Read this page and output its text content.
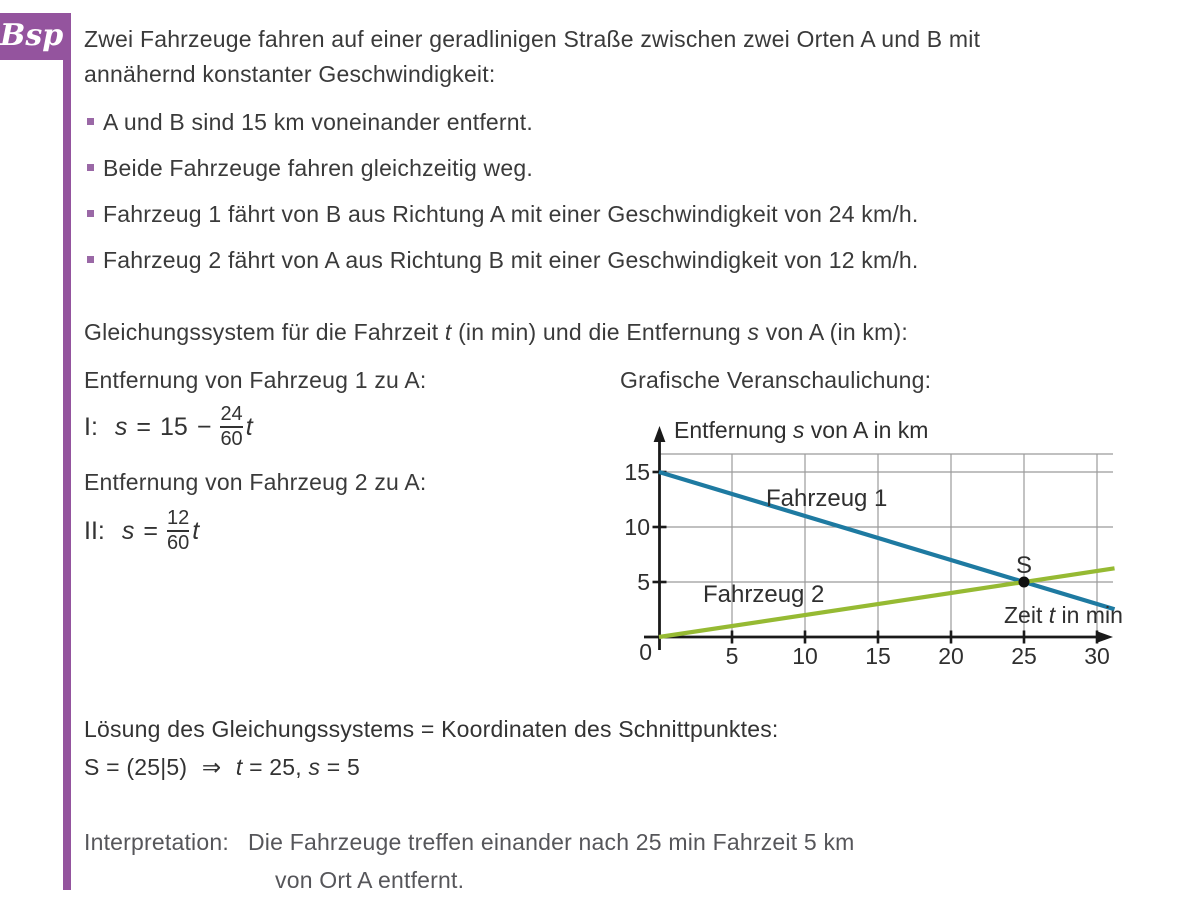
Bsp Zwei Fahrzeuge fahren auf einer geradlinigen Straße zwischen zwei Orten A und B mit
annähernd konstanter Geschwindigkeit:
A und B sind 15 km voneinander entfernt.
Beide Fahrzeuge fahren gleichzeitig weg.
Fahrzeug 1 fährt von B aus Richtung A mit einer Geschwindigkeit von 24 km/h.
Fahrzeug 2 fährt von A aus Richtung B mit einer Geschwindigkeit von 12 km/h.
Gleichungssystem für die Fahrzeit t (in min) und die Entfernung s von A (in km):
Entfernung von Fahrzeug 1 zu A:
I: $s = 15 - \frac{24}{60}$ t
Entfernung von Fahrzeug 2 zu A:
II: $s = \frac{12}{60}$ t
Grafische Veranschaulichung:
5 10 15 20 25 30
5
10
15
Entfernung s von A in km
Zeit t in min
Fahrzeug 1
Fahrzeug 2
0
S
Lösung des Gleichungssystems = Koordinaten des Schnittpunktes:
S = (25|5) ⇒ t = 25, s = 5
Interpretation: Die Fahrzeuge treffen einander nach 25 min Fahrzeit 5 km
von Ort A entfernt.
